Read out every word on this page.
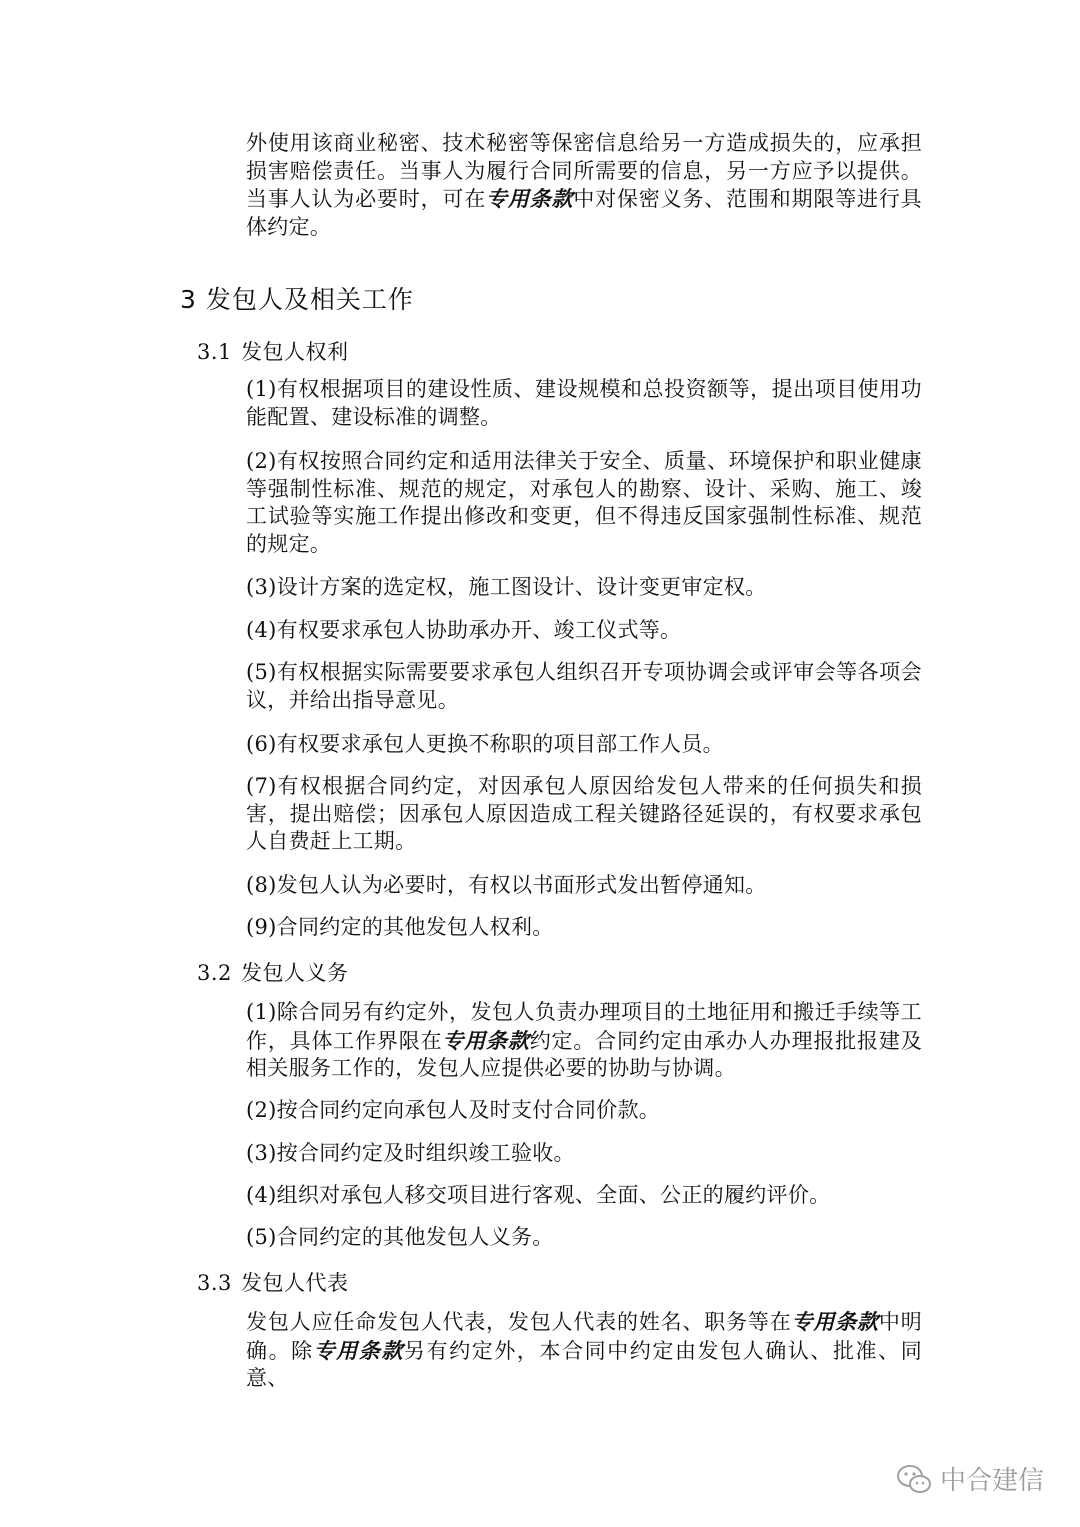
外使用该商业秘密、技术秘密等保密信息给另一方造成损失的，应承担损害赔偿责任。当事人为履行合同所需要的信息，另一方应予以提供。当事人认为必要时，可在专用条款中对保密义务、范围和期限等进行具体约定。

3 发包人及相关工作
3.1 发包人权利

(1)有权根据项目的建设性质、建设规模和总投资额等，提出项目使用功能配置、建设标准的调整。

(2)有权按照合同约定和适用法律关于安全、质量、环境保护和职业健康等强制性标准、规范的规定，对承包人的勘察、设计、采购、施工、竣工试验等实施工作提出修改和变更，但不得违反国家强制性标准、规范的规定。

(3)设计方案的选定权，施工图设计、设计变更审定权。

(4)有权要求承包人协助承办开、竣工仪式等。

(5)有权根据实际需要要求承包人组织召开专项协调会或评审会等各项会议，并给出指导意见。

(6)有权要求承包人更换不称职的项目部工作人员。

(7)有权根据合同约定，对因承包人原因给发包人带来的任何损失和损害，提出赔偿；因承包人原因造成工程关键路径延误的，有权要求承包人自费赶上工期。

(8)发包人认为必要时，有权以书面形式发出暂停通知。

(9)合同约定的其他发包人权利。

3.2 发包人义务

(1)除合同另有约定外，发包人负责办理项目的土地征用和搬迁手续等工作，具体工作界限在专用条款约定。合同约定由承办人办理报批报建及相关服务工作的，发包人应提供必要的协助与协调。

(2)按合同约定向承包人及时支付合同价款。

(3)按合同约定及时组织竣工验收。

(4)组织对承包人移交项目进行客观、全面、公正的履约评价。

(5)合同约定的其他发包人义务。

3.3 发包人代表

发包人应任命发包人代表，发包人代表的姓名、职务等在专用条款中明确。除专用条款另有约定外，本合同中约定由发包人确认、批准、同意、

中合建信
